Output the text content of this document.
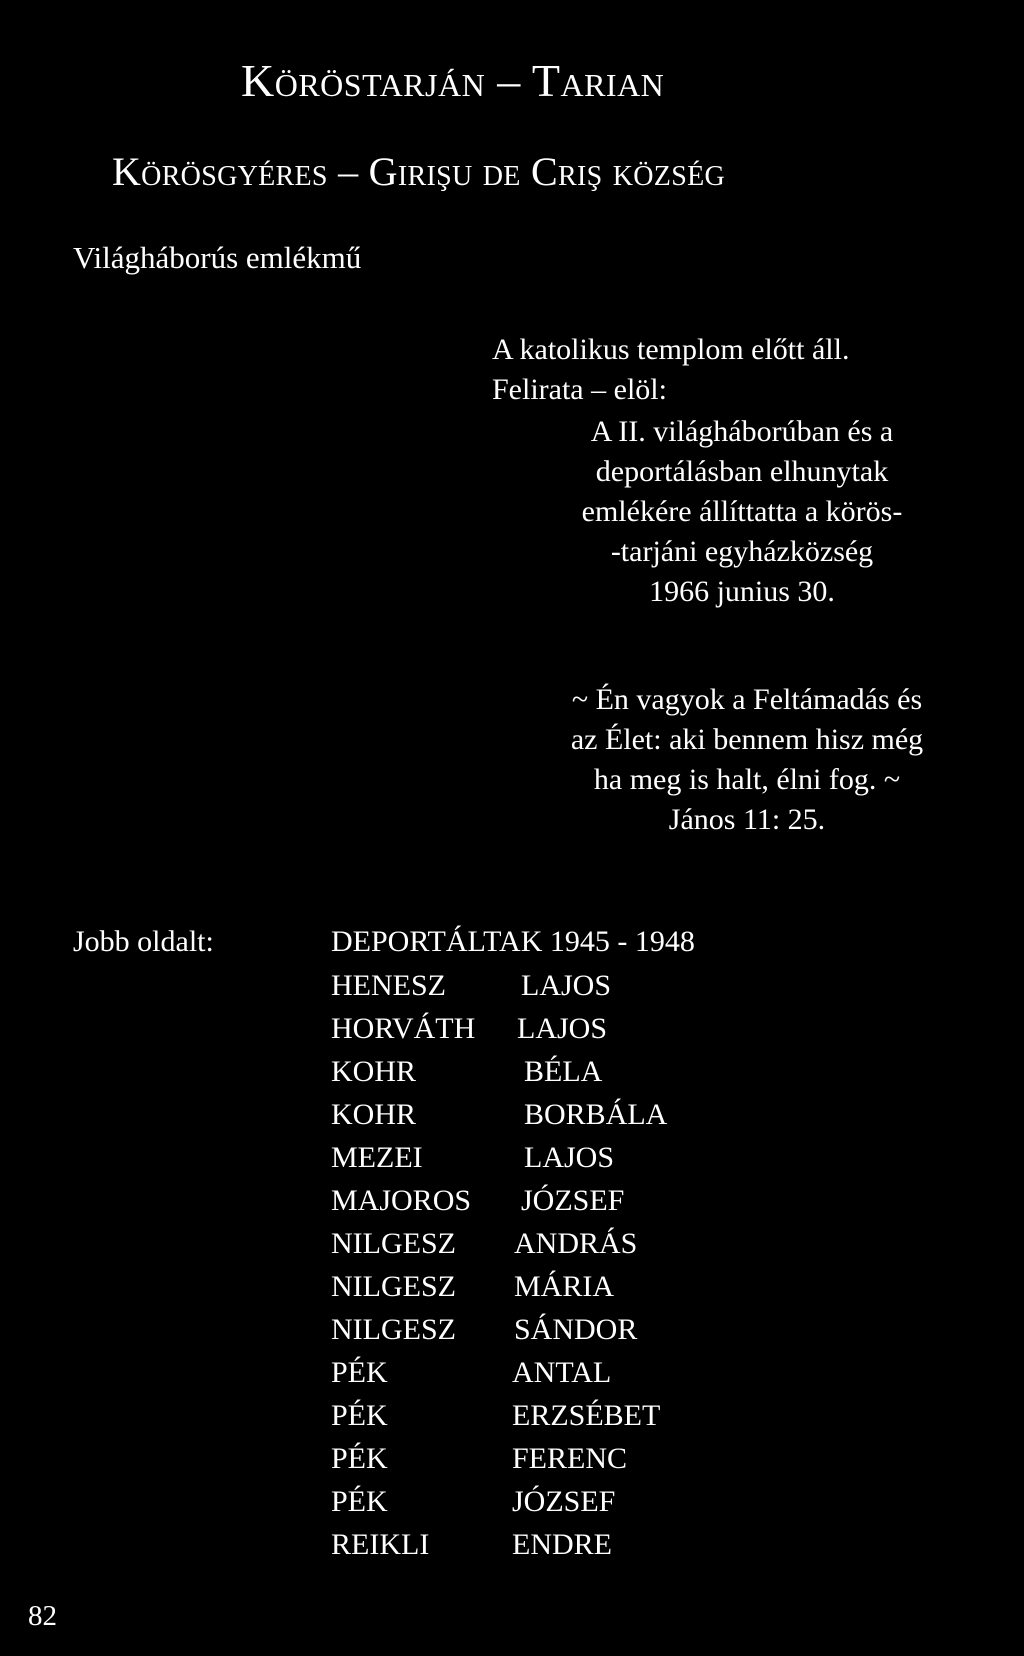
Köröstarján – Tarian
Körösgyéres – Girişu de Criş község
Világháborús emlékmű
A katolikus templom előtt áll.
Felirata – elöl:

A II. világháborúban és a

deportálásban elhunytak

emlékére állíttatta a körös-

-tarjáni egyházközség

1966 junius 30.

~ Én vagyok a Feltámadás és

az Élet: aki bennem hisz még

ha meg is halt, élni fog. ~

János 11: 25.

Jobb oldalt:	DEPORTÁLTAK 1945 - 1948
HENESZ	LAJOS
HORVÁTH LAJOS
KOHR	BÉLA
KOHR	BORBÁLA
MEZEI	LAJOS
MAJOROS JÓZSEF
NILGESZ ANDRÁS
NILGESZ MÁRIA
NILGESZ SÁNDOR
PÉK	ANTAL
PÉK	ERZSÉBET
PÉK	FERENC
PÉK	JÓZSEF
REIKLI	ENDRE
82
